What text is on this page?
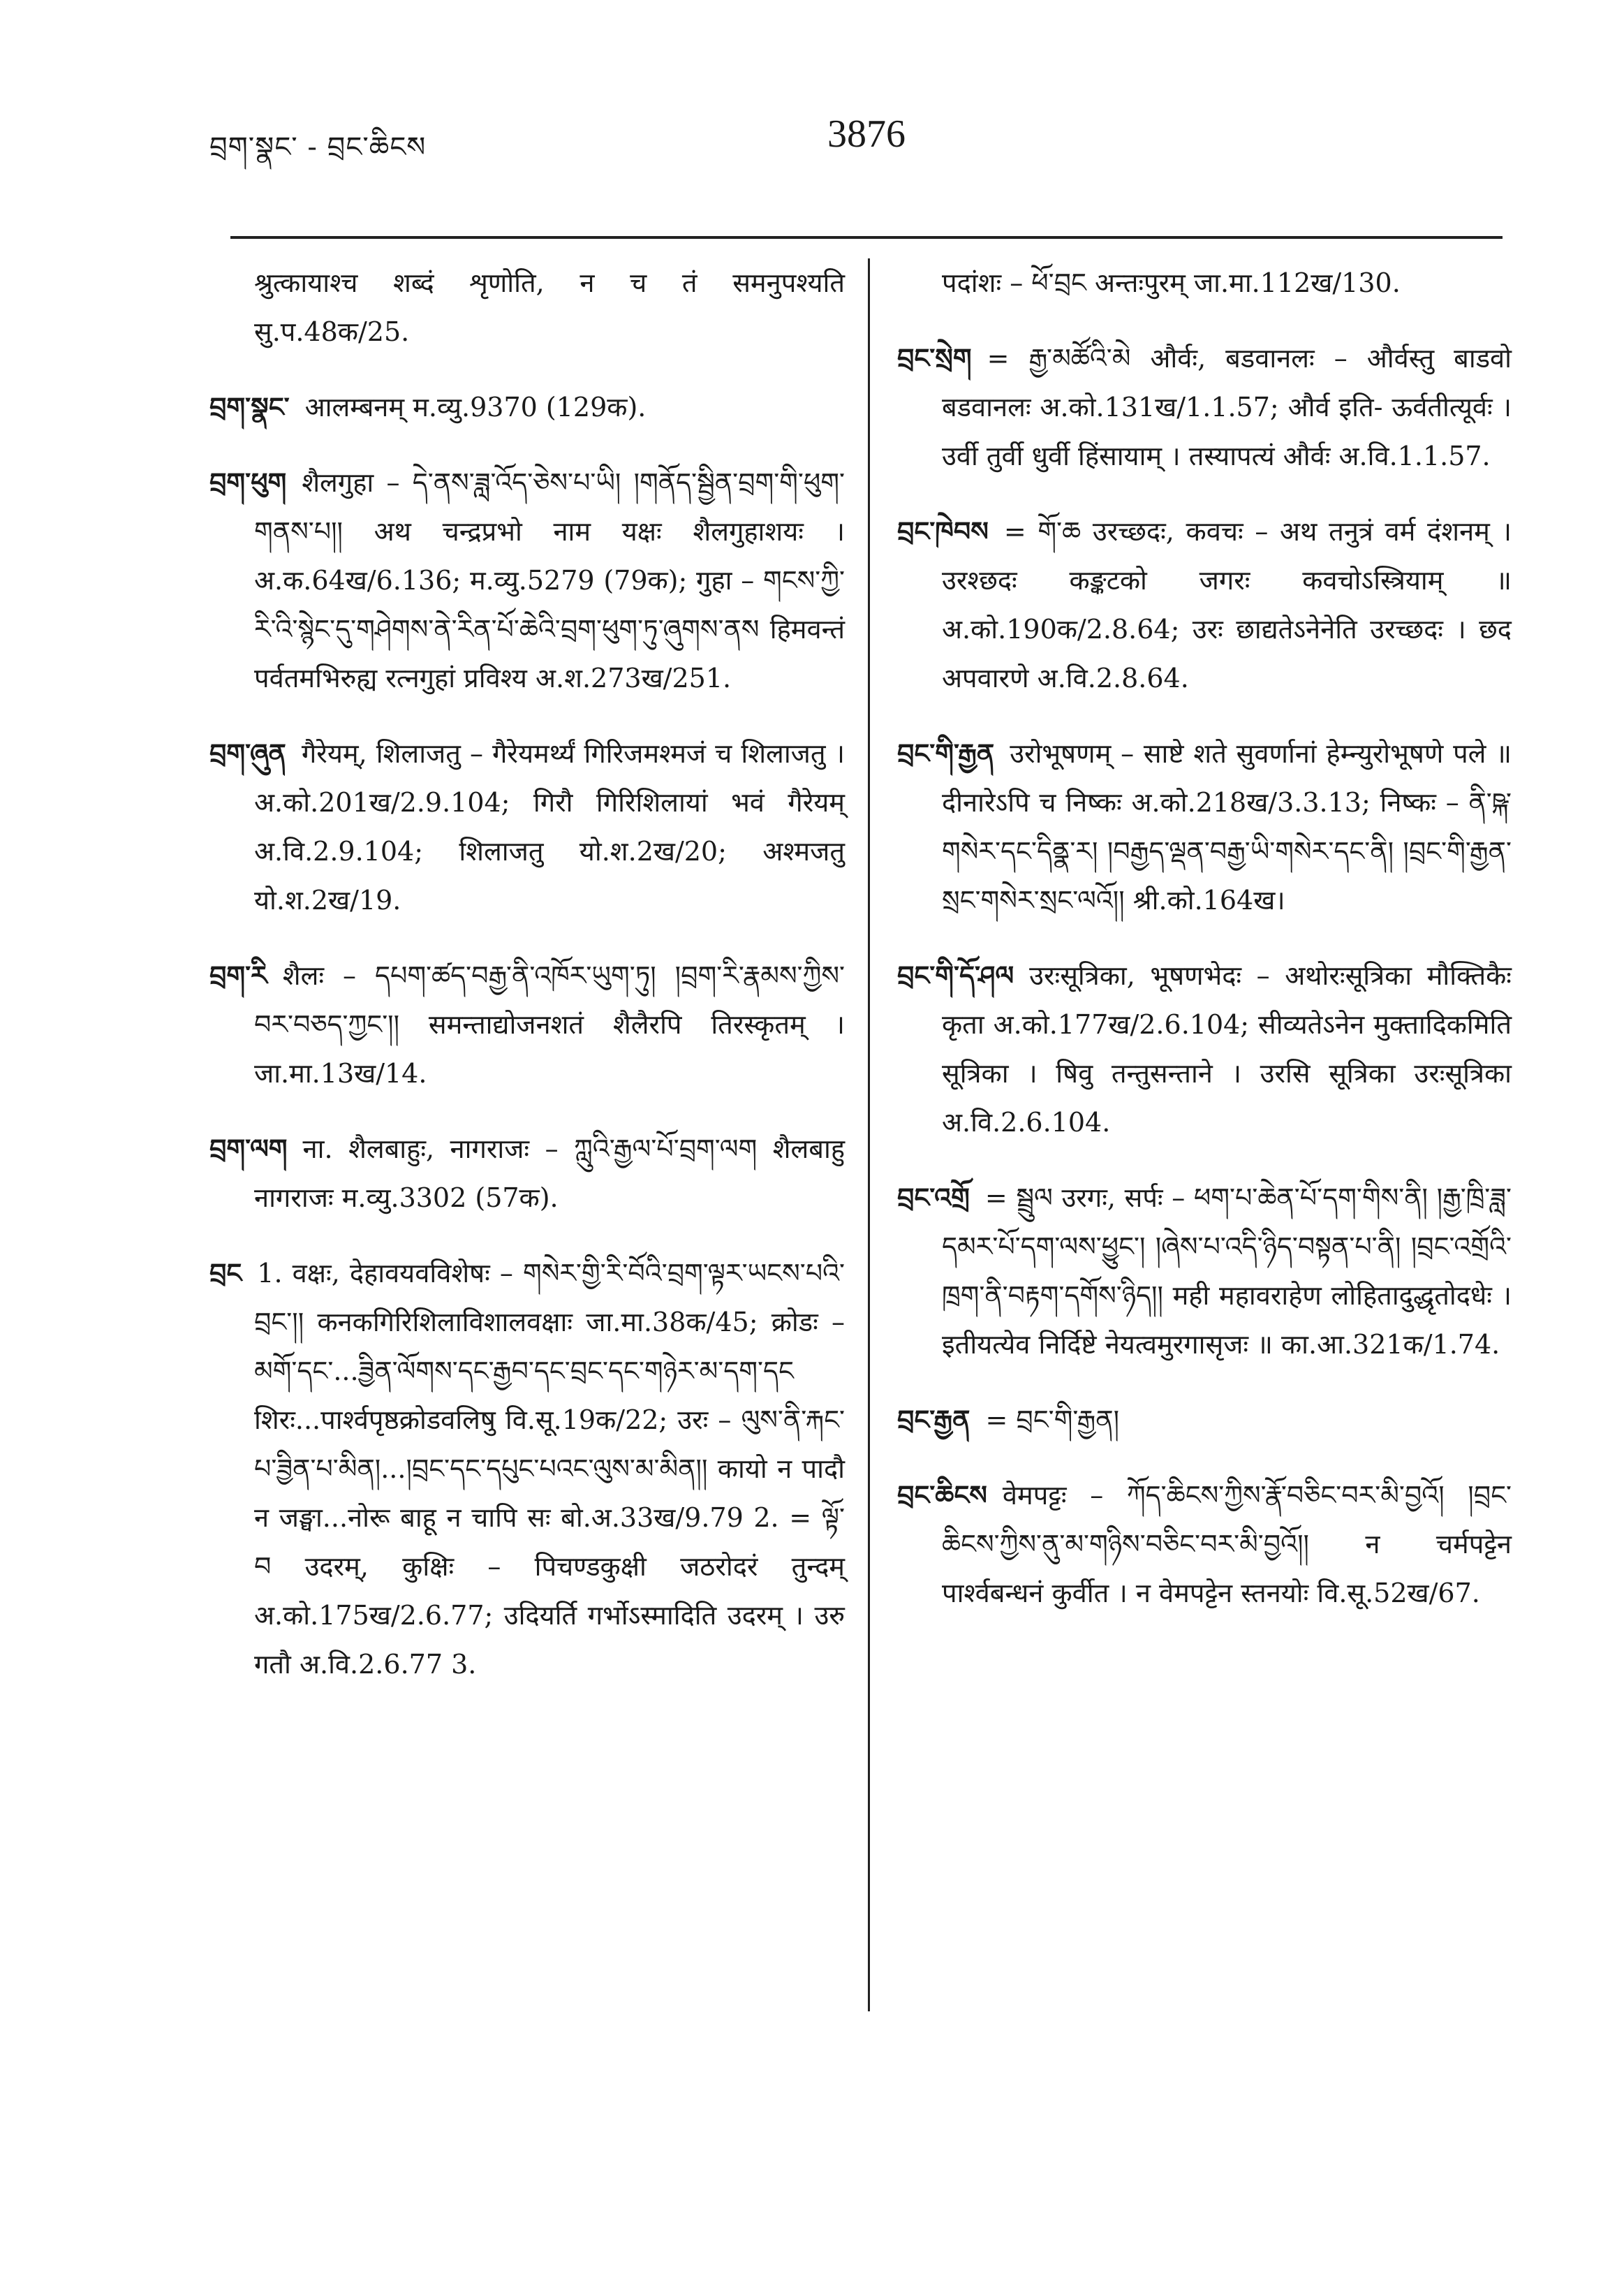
བྲག་སྣང་ - བྲང་ཆིངས	3876

श्रुत्कायाश्च शब्दं शृणोति, न च तं समनुपश्यति सु.प.48क/25.

བྲག་སྣང་ आलम्बनम् म.व्यु.9370 (129क).

བྲག་ཕུག शैलगुहा – དེ་ནས་ཟླ་འོད་ཅེས་པ་ཡི། །གནོད་སྦྱིན་བྲག་གི་ཕུག་གནས་པ།། अथ चन्द्रप्रभो नाम यक्षः शैलगुहाशयः । अ.क.64ख/6.136; म.व्यु.5279 (79क); गुहा – གངས་ཀྱི་རི་འི་སྙེང་དུ་གཤེགས་ནེ་རིན་པོ་ཆེའི་བྲག་ཕུག་ཏུ་ཞུགས་ནས हिमवन्तं पर्वतमभिरुह्य रत्नगुहां प्रविश्य अ.श.273ख/251.

བྲག་ཞུན गैरेयम्, शिलाजतु – गैरेयमर्थ्यं गिरिजमश्मजं च शिलाजतु । अ.को.201ख/2.9.104; गिरौ गिरिशिलायां भवं गैरेयम् अ.वि.2.9.104; शिलाजतु यो.श.2ख/20; अश्मजतु यो.श.2ख/19.

བྲག་རི शैलः – དཔག་ཚད་བརྒྱ་ནི་འཁོར་ཡུག་ཏུ། །བྲག་རི་རྣམས་ཀྱིས་བར་བཅད་ཀྱང་།། समन्ताद्योजनशतं शैलैरपि तिरस्कृतम् । जा.मा.13ख/14.

བྲག་ལག ना. शैलबाहुः, नागराजः – ཀླུའི་རྒྱལ་པོ་བྲག་ལག शैलबाहु नागराजः म.व्यु.3302 (57क).

བྲང 1. वक्षः, देहावयवविशेषः – གསེར་གྱི་རི་བོའི་བྲག་ལྟར་ཡངས་པའི་བྲང་།། कनकगिरिशिलाविशालवक्षाः जा.मा.38क/45; क्रोडः – མགོ་དང་...ཟྱིན་ལོགས་དང་རྒྱབ་དང་བྲང་དང་གཉེར་མ་དག་དང शिरः...पार्श्वपृष्ठक्रोडवलिषु वि.सू.19क/22; उरः – ལུས་ནི་རྐང་པ་ཟྱིན་པ་མིན།...།བྲང་དང་དཔུང་པའང་ལུས་མ་མིན།། कायो न पादौ न जङ्घा...नोरू बाहू न चापि सः बो.अ.33ख/9.79 2. = ལྟོ་བ उदरम्, कुक्षिः – पिचण्डकुक्षी जठरोदरं तुन्दम् अ.को.175ख/2.6.77; उदियर्ति गर्भोऽस्मादिति उदरम् । उरु गतौ अ.वि.2.6.77 3.

पदांशः – ཕོ་བྲང अन्तःपुरम् जा.मा.112ख/130.

བྲང་སྲེག = རྒྱ་མཚོའི་མེ और्वः, बडवानलः – और्वस्तु बाडवो बडवानलः अ.को.131ख/1.1.57; और्व इति- ऊर्वतीत्यूर्वः । उर्वी तुर्वी धुर्वी हिंसायाम् । तस्यापत्यं और्वः अ.वि.1.1.57.

བྲང་ཁེབས = གོ་ཆ उरच्छदः, कवचः – अथ तनुत्रं वर्म दंशनम् । उरश्छदः कङ्कटको जगरः कवचोऽस्त्रियाम् ॥ अ.को.190क/2.8.64; उरः छाद्यतेऽनेनेति उरच्छदः । छद अपवारणे अ.वि.2.8.64.

བྲང་གི་རྒྱན उरोभूषणम् – साष्टे शते सुवर्णानां हेम्न्युरोभूषणे पले ॥ दीनारेऽपि च निष्कः अ.को.218ख/3.3.13; निष्कः – ནི་ཥྐ་གསེར་དང་དིནྣ་ར། །བརྒྱད་ལྡན་བརྒྱ་ཡི་གསེར་དང་ནི། །བྲང་གི་རྒྱན་སྲང་གསེར་སྲང་ལའོ།། श्री.को.164ख।

བྲང་གི་དོ་ཤལ उरःसूत्रिका, भूषणभेदः – अथोरःसूत्रिका मौक्तिकैः कृता अ.को.177ख/2.6.104; सीव्यतेऽनेन मुक्तादिकमिति सूत्रिका । षिवु तन्तुसन्ताने । उरसि सूत्रिका उरःसूत्रिका अ.वि.2.6.104.

བྲང་འགྲོ = སྦྲུལ उरगः, सर्पः – ཕག་པ་ཆེན་པོ་དག་གིས་ནི། །རྒྱ་ཁྲི་ཟླ་དམར་པོ་དག་ལས་ཕྱུང་། །ཞེས་པ་འདི་ཉིད་བསྟན་པ་ནི། །བྲང་འགྲོའི་ཁྲག་ནི་བརྟག་དགོས་ཉིད།། मही महावराहेण लोहितादुद्धृतोदधेः । इतीयत्येव निर्दिष्टे नेयत्वमुरगासृजः ॥ का.आ.321क/1.74.

བྲང་རྒྱན = བྲང་གི་རྒྱན།

བྲང་ཆིངས वेमपट्टः – ཀོད་ཆིངས་ཀྱིས་རྣོ་བཅིང་བར་མི་བྱའོ། །བྲང་ཆིངས་ཀྱིས་ནུ་མ་གཉིས་བཅིང་བར་མི་བྱའོ།། न चर्मपट्टेन पार्श्वबन्धनं कुर्वीत । न वेमपट्टेन स्तनयोः वि.सू.52ख/67.
